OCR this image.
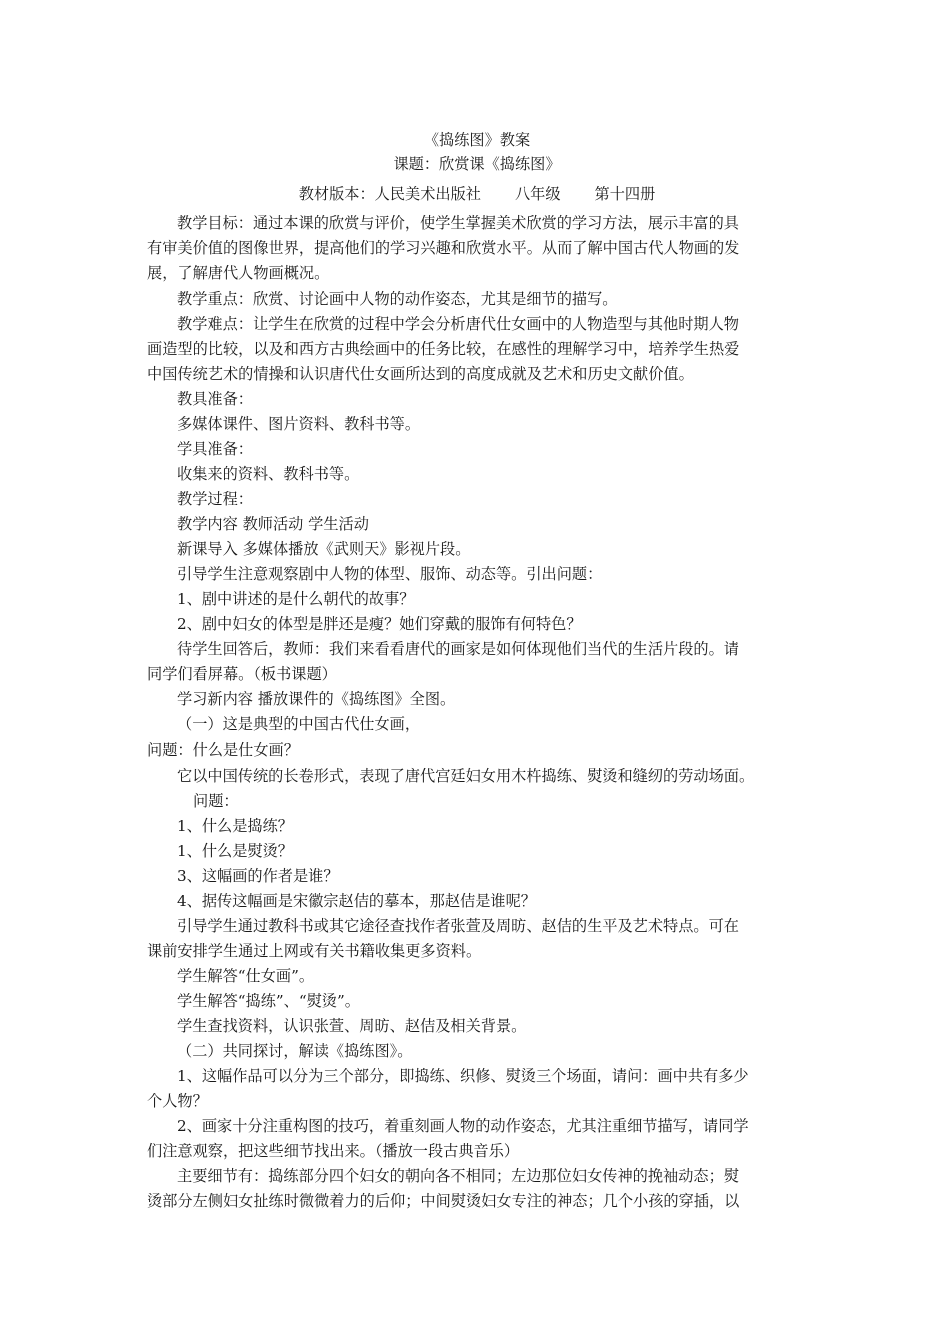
《捣练图》教案
课题：欣赏课《捣练图》
教材版本：人民美术出版社 八年级 第十四册
教学目标：通过本课的欣赏与评价，使学生掌握美术欣赏的学习方法，展示丰富的具
有审美价值的图像世界，提高他们的学习兴趣和欣赏水平。从而了解中国古代人物画的发
展，了解唐代人物画概况。
教学重点：欣赏、讨论画中人物的动作姿态，尤其是细节的描写。
教学难点：让学生在欣赏的过程中学会分析唐代仕女画中的人物造型与其他时期人物
画造型的比较，以及和西方古典绘画中的任务比较，在感性的理解学习中，培养学生热爱
中国传统艺术的情操和认识唐代仕女画所达到的高度成就及艺术和历史文献价值。
教具准备：
多媒体课件、图片资料、教科书等。
学具准备：
收集来的资料、教科书等。
教学过程：
教学内容 教师活动 学生活动
新课导入 多媒体播放《武则天》影视片段。
引导学生注意观察剧中人物的体型、服饰、动态等。引出问题：
1、剧中讲述的是什么朝代的故事？
2、剧中妇女的体型是胖还是瘦？她们穿戴的服饰有何特色？
待学生回答后，教师：我们来看看唐代的画家是如何体现他们当代的生活片段的。请
同学们看屏幕。（板书课题）
学习新内容 播放课件的《捣练图》全图。
（一）这是典型的中国古代仕女画，
问题：什么是仕女画？
它以中国传统的长卷形式，表现了唐代宫廷妇女用木杵捣练、熨烫和缝纫的劳动场面。
问题：
1、什么是捣练？
1、什么是熨烫？
3、这幅画的作者是谁？
4、据传这幅画是宋徽宗赵佶的摹本，那赵佶是谁呢？
引导学生通过教科书或其它途径查找作者张萱及周昉、赵佶的生平及艺术特点。可在
课前安排学生通过上网或有关书籍收集更多资料。
学生解答“仕女画”。
学生解答“捣练”、“熨烫”。
学生查找资料，认识张萱、周昉、赵佶及相关背景。
（二）共同探讨，解读《捣练图》。
1、这幅作品可以分为三个部分，即捣练、织修、熨烫三个场面，请问：画中共有多少
个人物？
2、画家十分注重构图的技巧，着重刻画人物的动作姿态，尤其注重细节描写，请同学
们注意观察，把这些细节找出来。（播放一段古典音乐）
主要细节有：捣练部分四个妇女的朝向各不相同；左边那位妇女传神的挽袖动态；熨
烫部分左侧妇女扯练时微微着力的后仰；中间熨烫妇女专注的神态；几个小孩的穿插，以
